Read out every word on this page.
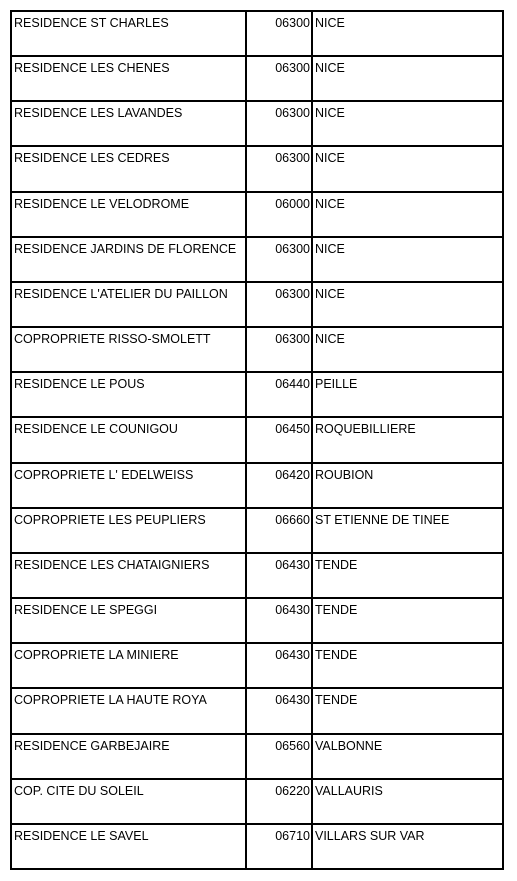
RESIDENCE ST CHARLES	06300	NICE

RESIDENCE LES CHENES	06300	NICE

RESIDENCE LES LAVANDES	06300	NICE

RESIDENCE LES CEDRES	06300	NICE

RESIDENCE LE VELODROME	06000	NICE

RESIDENCE JARDINS DE FLORENCE	06300	NICE

RESIDENCE L'ATELIER DU PAILLON	06300	NICE

COPROPRIETE RISSO-SMOLETT	06300	NICE

RESIDENCE LE POUS	06440	PEILLE

RESIDENCE LE COUNIGOU	06450	ROQUEBILLIERE

COPROPRIETE L' EDELWEISS	06420	ROUBION

COPROPRIETE LES PEUPLIERS	06660	ST ETIENNE DE TINEE

RESIDENCE LES CHATAIGNIERS	06430	TENDE

RESIDENCE LE SPEGGI	06430	TENDE

COPROPRIETE LA MINIERE	06430	TENDE

COPROPRIETE LA HAUTE ROYA	06430	TENDE

RESIDENCE GARBEJAIRE	06560	VALBONNE

COP. CITE DU SOLEIL	06220	VALLAURIS

RESIDENCE LE SAVEL	06710	VILLARS SUR VAR
